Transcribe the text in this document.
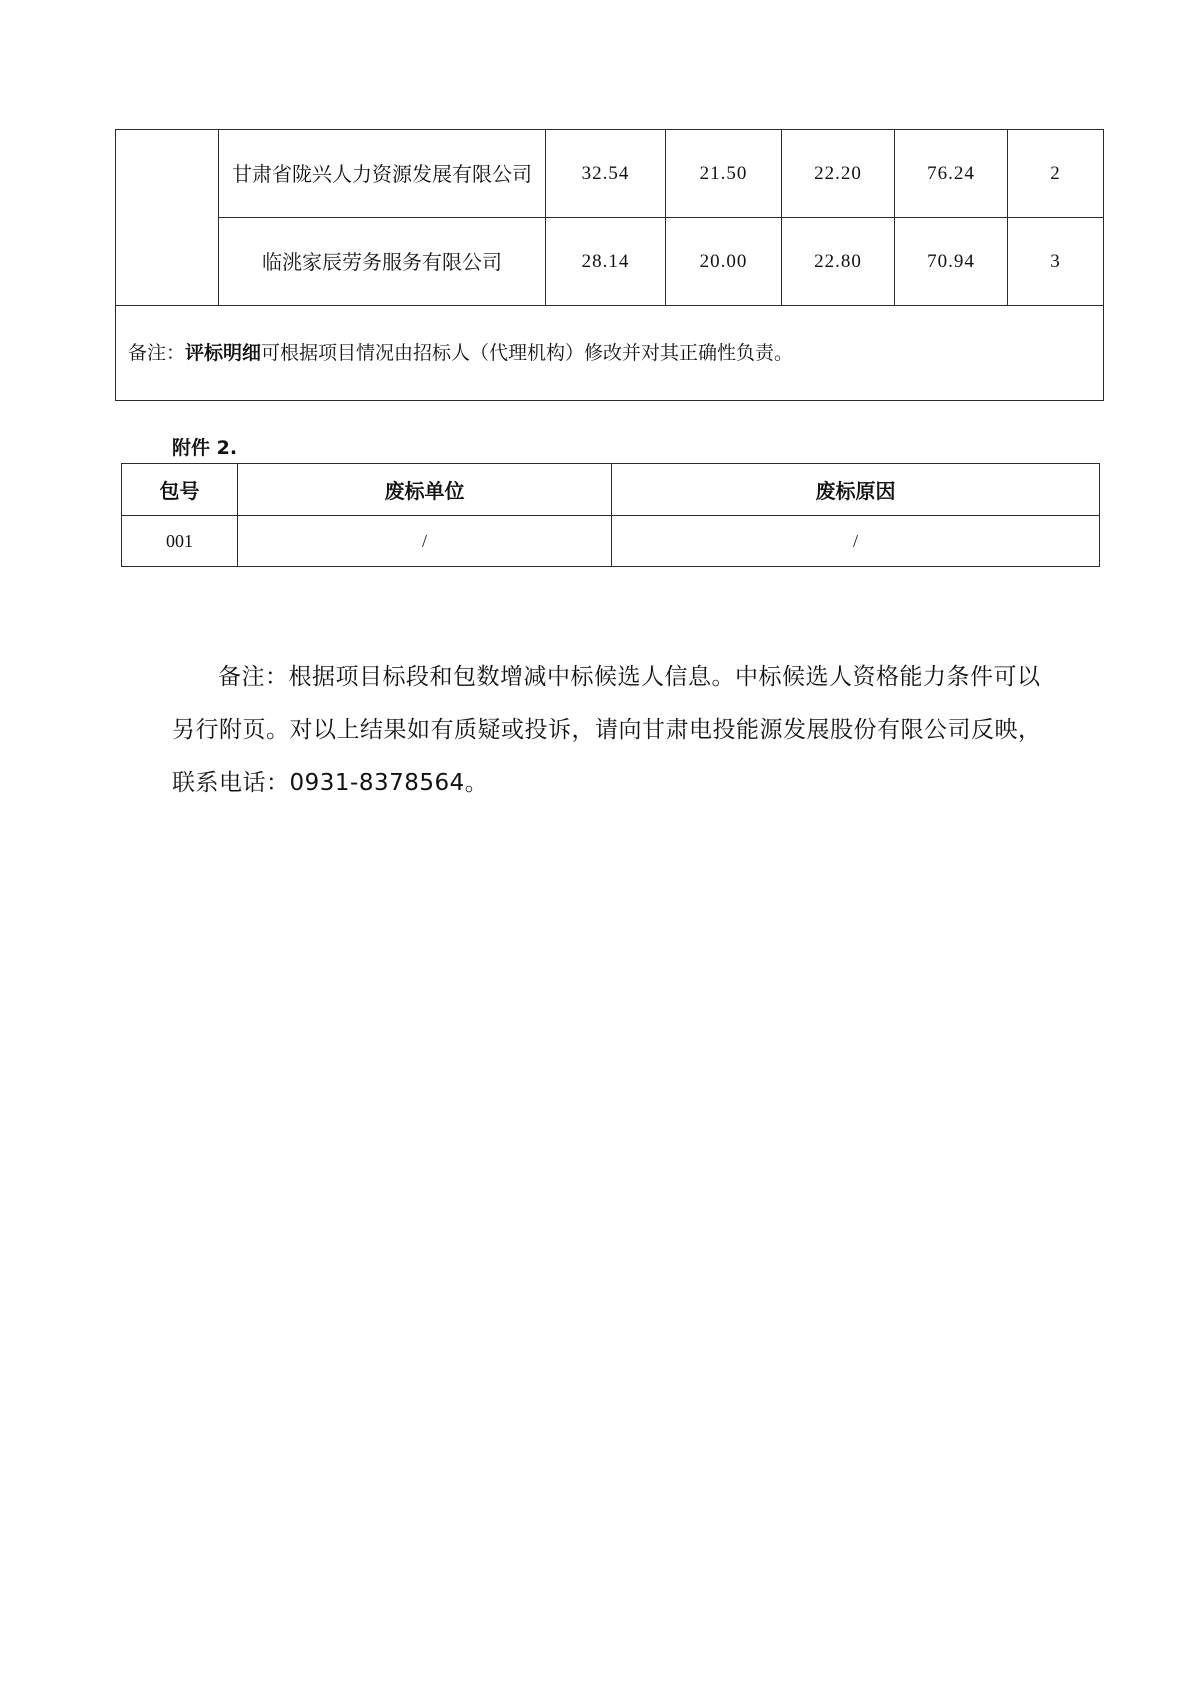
	甘肃省陇兴人力资源发展有限公司	32.54	21.50	22.20	76.24	2
	临洮家辰劳务服务有限公司	28.14	20.00	22.80	70.94	3
备注：评标明细可根据项目情况由招标人（代理机构）修改并对其正确性负责。						
附件 2.
包号	废标单位	废标原因
001	/	/

备注：根据项目标段和包数增减中标候选人信息。中标候选人资格能力条件可以另行附页。对以上结果如有质疑或投诉，请向甘肃电投能源发展股份有限公司反映，联系电话：0931-8378564。
